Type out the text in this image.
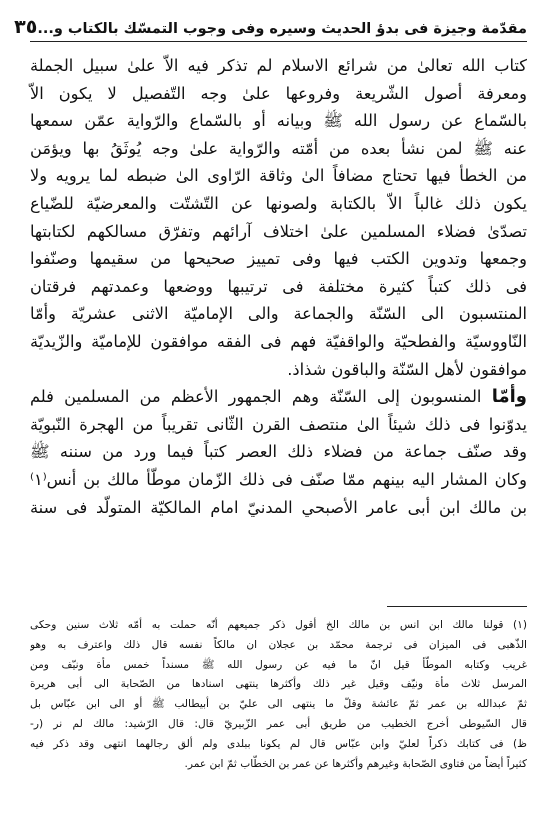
مقدّمة وجيزة فى بدؤ الحديث وسيره وفى وجوب التمسّك بالكتاب و...
٣٥

كتاب الله تعالىٰ من شرائع الاسلام لم تذكر فيه الاّ علىٰ سبيل الجملة
ومعرفة أصول الشّريعة وفروعها علىٰ وجه التّفصيل لا يكون الاّ
بالسّماع عن رسول الله ﷺ وبيانه أو بالسّماع والرّواية عمّن سمعها
عنه ﷺ لمن نشأ بعده من أمّته والرّواية علىٰ وجه يُوثَقُ بها ويؤمَن
من الخطأ فيها تحتاج مضافاً الىٰ وثاقة الرّاوى الىٰ ضبطه لما يرويه ولا
يكون ذلك غالباً الاّ بالكتابة ولصونها عن التّشتّت والمعرضيّة للضّياع
تصدّىٰ فضلاء المسلمين علىٰ اختلاف آرائهم وتفرّق مسالكهم لكتابتها
وجمعها وتدوين الكتب فيها وفى تمييز صحيحها من سقيمها وصنّفوا
فى ذلك كتباً كثيرة مختلفة فى ترتيبها ووضعها وعمدتهم فرقتان
المنتسبون الى السّنّة والجماعة والى الإماميّة الاثنى عشريّة وأمّا
النّاووسيّة والفطحيّة والواقفيّة فهم فى الفقه موافقون للإماميّة والزّيديّة
موافقون لأهل السّنّة والباقون شذاذ.

وأمّا المنسوبون إلى السّنّة وهم الجمهور الأعظم من المسلمين فلم
يدوّنوا فى ذلك شيئاً الىٰ منتصف القرن الثّانى تقريباً من الهجرة النّبويّة
وقد صنّف جماعة من فضلاء ذلك العصر كتباً فيما ورد من سننه ﷺ
وكان المشار اليه بينهم ممّا صنّف فى ذلك الزّمان موطّأ مالك بن أنس⁽١⁾
بن مالك ابن أبى عامر الأصبحي المدنيّ امام المالكيّة المتولّد فى سنة

(١) قولنا مالك ابن انس بن مالك الخ أقول ذكر جميعهم أنّه حملت به أمّه ثلاث سنين وحكى
الذّهبى فى الميزان فى ترجمة محمّد بن عجلان ان مالكاً نفسه قال ذلك واعترف به وهو
غريب وكتابه الموطّأ قيل انّ ما فيه عن رسول الله ﷺ مسنداً خمس مأة ونيّف ومن
المرسل ثلاث مأة ونيّف وقيل غير ذلك وأكثرها ينتهى اسنادها من الصّحابة الى أبى هريرة
ثمّ عبدالله بن عمر ثمّ عائشة وقلّ ما ينتهى الى عليّ بن أبيطالب ﷺ أو الى ابن عبّاس بل
قال السّيوطى أخرج الخطيب من طريق أبى عمر الزّبيريّ قال: قال الرّشيد: مالك لم نر (ر-
ظ) فى كتابك ذكراً لعليّ وابن عبّاس قال لم يكونا ببلدى ولم ألق رجالهما انتهى وقد ذكر فيه
كثيراً أيضاً من فتاوى الصّحابة وغيرهم وأكثرها عن عمر بن الخطّاب ثمّ ابن عمر.
